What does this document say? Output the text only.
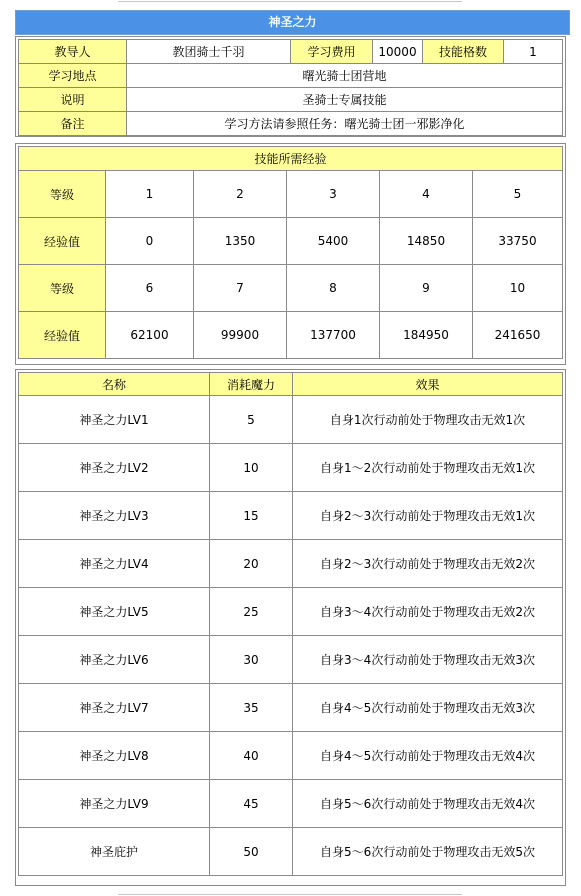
神圣之力
教导人	教团骑士千羽	学习费用	10000	技能格数	1
学习地点	曙光骑士团营地				
说明	圣骑士专属技能				
备注	学习方法请参照任务：曙光骑士团一邪影净化				
技能所需经验					
等级	1	2	3	4	5
经验值	0	1350	5400	14850	33750
等级	6	7	8	9	10
经验值	62100	99900	137700	184950	241650
名称	消耗魔力	效果
神圣之力LV1	5	自身1次行动前处于物理攻击无效1次
神圣之力LV2	10	自身1～2次行动前处于物理攻击无效1次
神圣之力LV3	15	自身2～3次行动前处于物理攻击无效1次
神圣之力LV4	20	自身2～3次行动前处于物理攻击无效2次
神圣之力LV5	25	自身3～4次行动前处于物理攻击无效2次
神圣之力LV6	30	自身3～4次行动前处于物理攻击无效3次
神圣之力LV7	35	自身4～5次行动前处于物理攻击无效3次
神圣之力LV8	40	自身4～5次行动前处于物理攻击无效4次
神圣之力LV9	45	自身5～6次行动前处于物理攻击无效4次
神圣庇护	50	自身5～6次行动前处于物理攻击无效5次
